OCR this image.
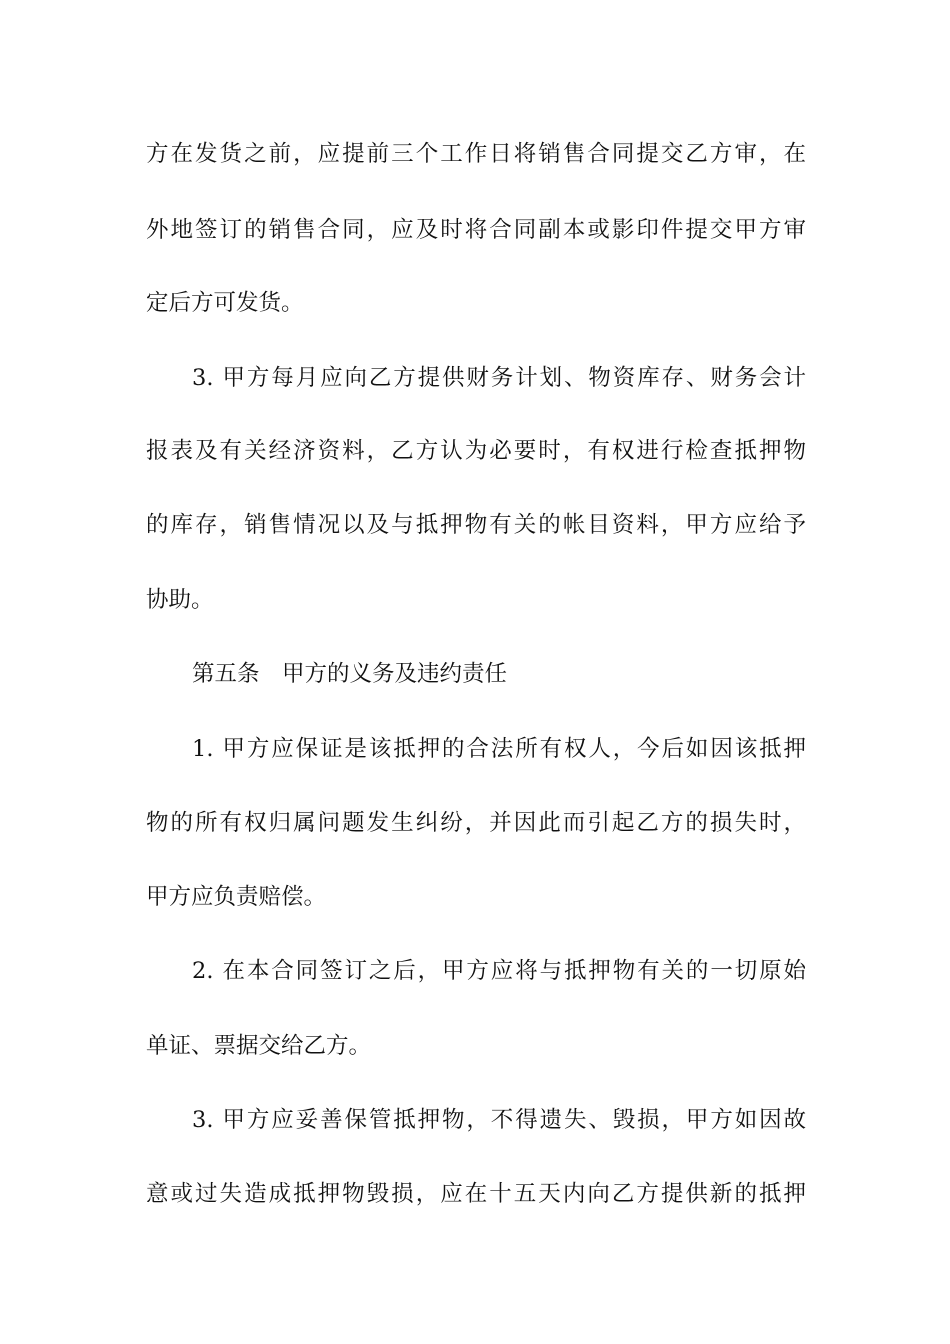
方在发货之前，应提前三个工作日将销售合同提交乙方审，在
外地签订的销售合同，应及时将合同副本或影印件提交甲方审
定后方可发货。
3. 甲方每月应向乙方提供财务计划、物资库存、财务会计
报表及有关经济资料，乙方认为必要时，有权进行检查抵押物
的库存，销售情况以及与抵押物有关的帐目资料，甲方应给予
协助。
第五条　甲方的义务及违约责任
1. 甲方应保证是该抵押的合法所有权人，今后如因该抵押
物的所有权归属问题发生纠纷，并因此而引起乙方的损失时，
甲方应负责赔偿。
2. 在本合同签订之后，甲方应将与抵押物有关的一切原始
单证、票据交给乙方。
3. 甲方应妥善保管抵押物，不得遗失、毁损，甲方如因故
意或过失造成抵押物毁损，应在十五天内向乙方提供新的抵押
